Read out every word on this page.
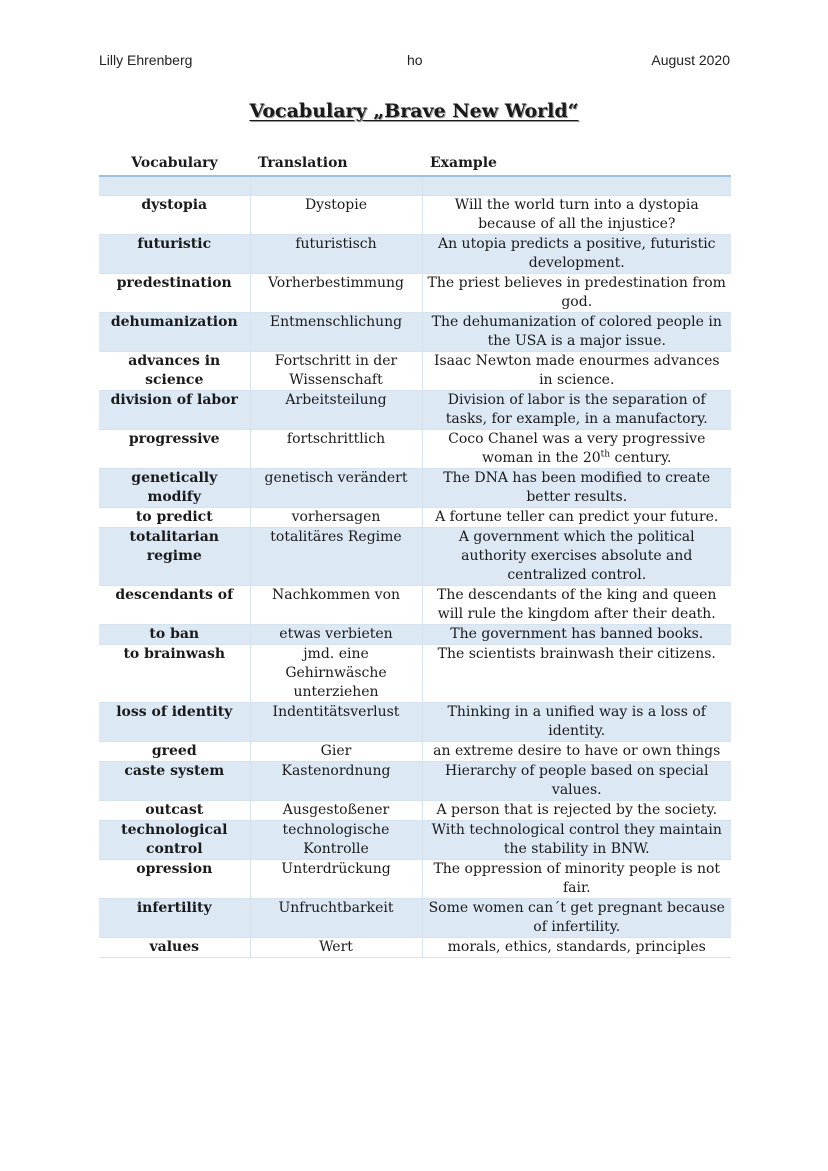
Lilly Ehrenberg	ho	August 2020
Vocabulary „Brave New World“
Vocabulary	Translation	Example

dystopia	Dystopie	Will the world turn into a dystopia because of all the injustice?
futuristic	futuristisch	An utopia predicts a positive, futuristic development.
predestination	Vorherbestimmung	The priest believes in predestination from god.
dehumanization	Entmenschlichung	The dehumanization of colored people in the USA is a major issue.
advances in science	Fortschritt in der Wissenschaft	Isaac Newton made enourmes advances in science.
division of labor	Arbeitsteilung	Division of labor is the separation of tasks, for example, in a manufactory.
progressive	fortschrittlich	Coco Chanel was a very progressive woman in the 20th century.
genetically modify	genetisch verändert	The DNA has been modified to create better results.
to predict	vorhersagen	A fortune teller can predict your future.
totalitarian regime	totalitäres Regime	A government which the political authority exercises absolute and centralized control.
descendants of	Nachkommen von	The descendants of the king and queen will rule the kingdom after their death.
to ban	etwas verbieten	The government has banned books.
to brainwash	jmd. eine Gehirnwäsche unterziehen	The scientists brainwash their citizens.
loss of identity	Indentitätsverlust	Thinking in a unified way is a loss of identity.
greed	Gier	an extreme desire to have or own things
caste system	Kastenordnung	Hierarchy of people based on special values.
outcast	Ausgestoßener	A person that is rejected by the society.
technological control	technologische Kontrolle	With technological control they maintain the stability in BNW.
opression	Unterdrückung	The oppression of minority people is not fair.
infertility	Unfruchtbarkeit	Some women can´t get pregnant because of infertility.
values	Wert	morals, ethics, standards, principles
